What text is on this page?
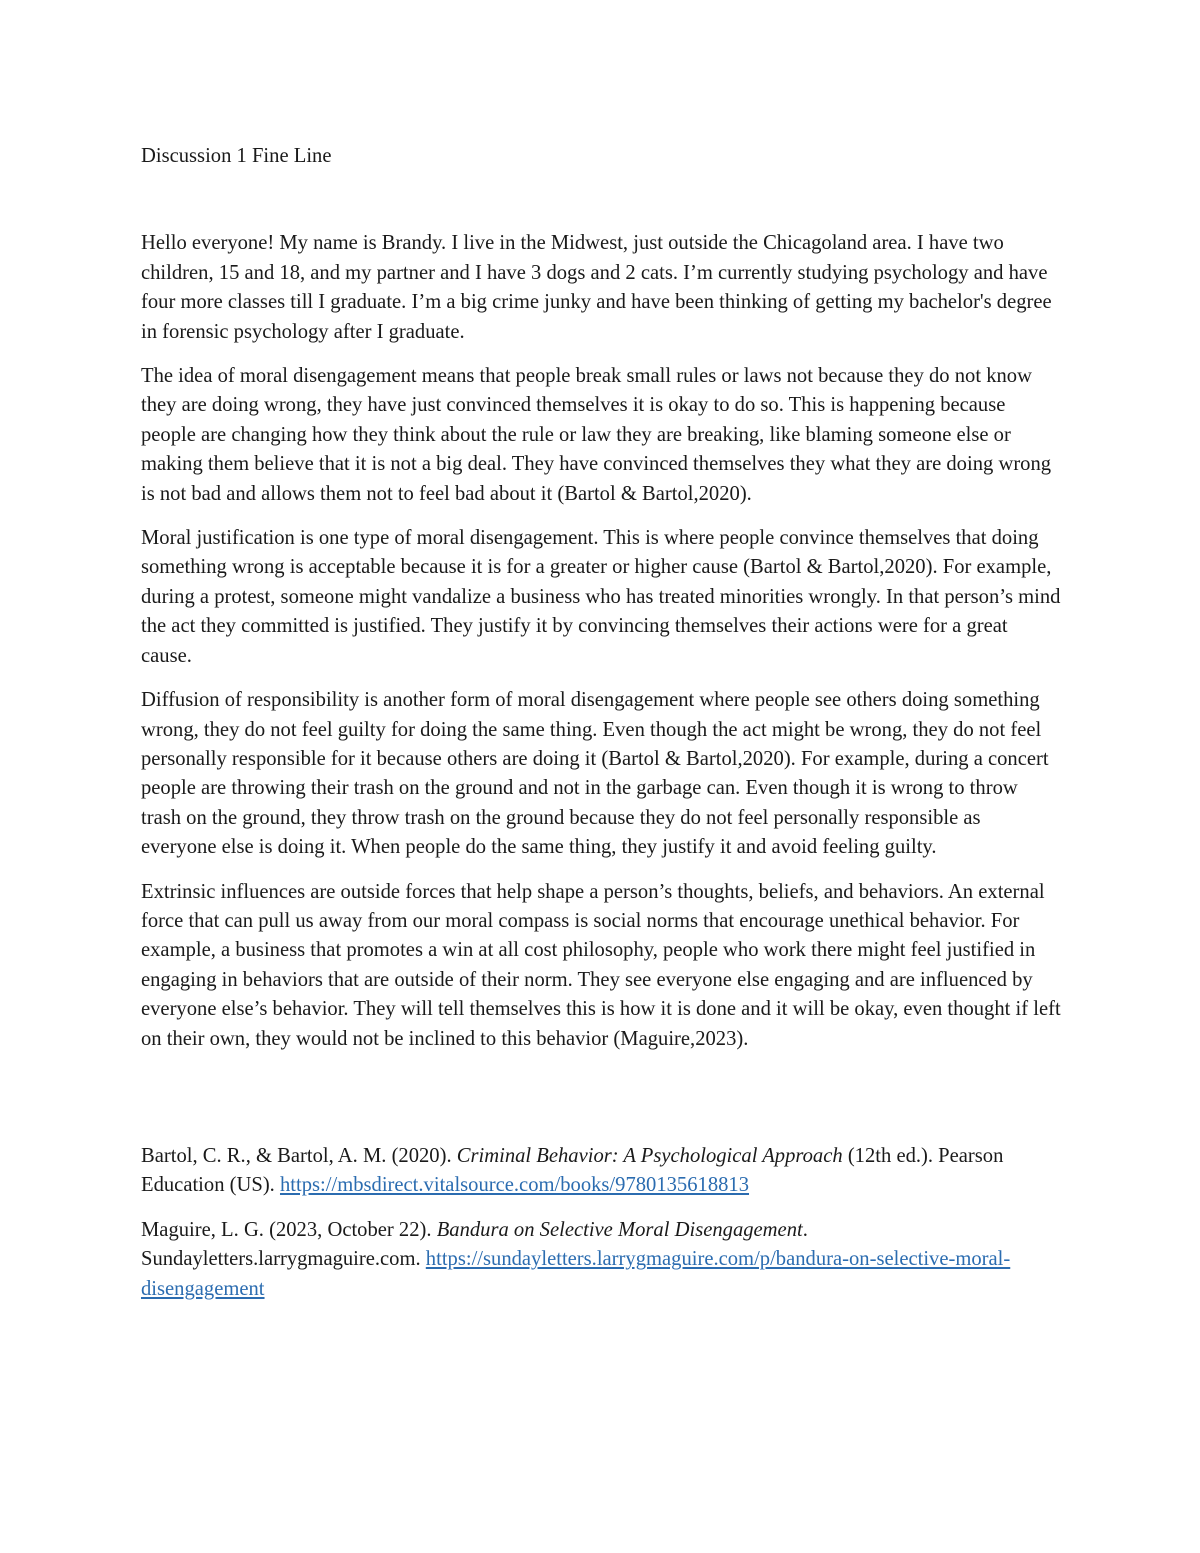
Discussion 1 Fine Line

Hello everyone! My name is Brandy. I live in the Midwest, just outside the Chicagoland area. I have two children, 15 and 18, and my partner and I have 3 dogs and 2 cats. I’m currently studying psychology and have four more classes till I graduate. I’m a big crime junky and have been thinking of getting my bachelor's degree in forensic psychology after I graduate.

The idea of moral disengagement means that people break small rules or laws not because they do not know they are doing wrong, they have just convinced themselves it is okay to do so. This is happening because people are changing how they think about the rule or law they are breaking, like blaming someone else or making them believe that it is not a big deal. They have convinced themselves they what they are doing wrong is not bad and allows them not to feel bad about it (Bartol & Bartol,2020).

Moral justification is one type of moral disengagement. This is where people convince themselves that doing something wrong is acceptable because it is for a greater or higher cause (Bartol & Bartol,2020). For example, during a protest, someone might vandalize a business who has treated minorities wrongly. In that person’s mind the act they committed is justified. They justify it by convincing themselves their actions were for a great cause.

Diffusion of responsibility is another form of moral disengagement where people see others doing something wrong, they do not feel guilty for doing the same thing. Even though the act might be wrong, they do not feel personally responsible for it because others are doing it (Bartol & Bartol,2020). For example, during a concert people are throwing their trash on the ground and not in the garbage can. Even though it is wrong to throw trash on the ground, they throw trash on the ground because they do not feel personally responsible as everyone else is doing it. When people do the same thing, they justify it and avoid feeling guilty.

Extrinsic influences are outside forces that help shape a person’s thoughts, beliefs, and behaviors. An external force that can pull us away from our moral compass is social norms that encourage unethical behavior. For example, a business that promotes a win at all cost philosophy, people who work there might feel justified in engaging in behaviors that are outside of their norm. They see everyone else engaging and are influenced by everyone else’s behavior. They will tell themselves this is how it is done and it will be okay, even thought if left on their own, they would not be inclined to this behavior (Maguire,2023).

Bartol, C. R., & Bartol, A. M. (2020). Criminal Behavior: A Psychological Approach (12th ed.). Pearson Education (US). https://mbsdirect.vitalsource.com/books/9780135618813

Maguire, L. G. (2023, October 22). Bandura on Selective Moral Disengagement. Sundayletters.larrygmaguire.com. https://sundayletters.larrygmaguire.com/p/bandura-on-selective-moral-disengagement
